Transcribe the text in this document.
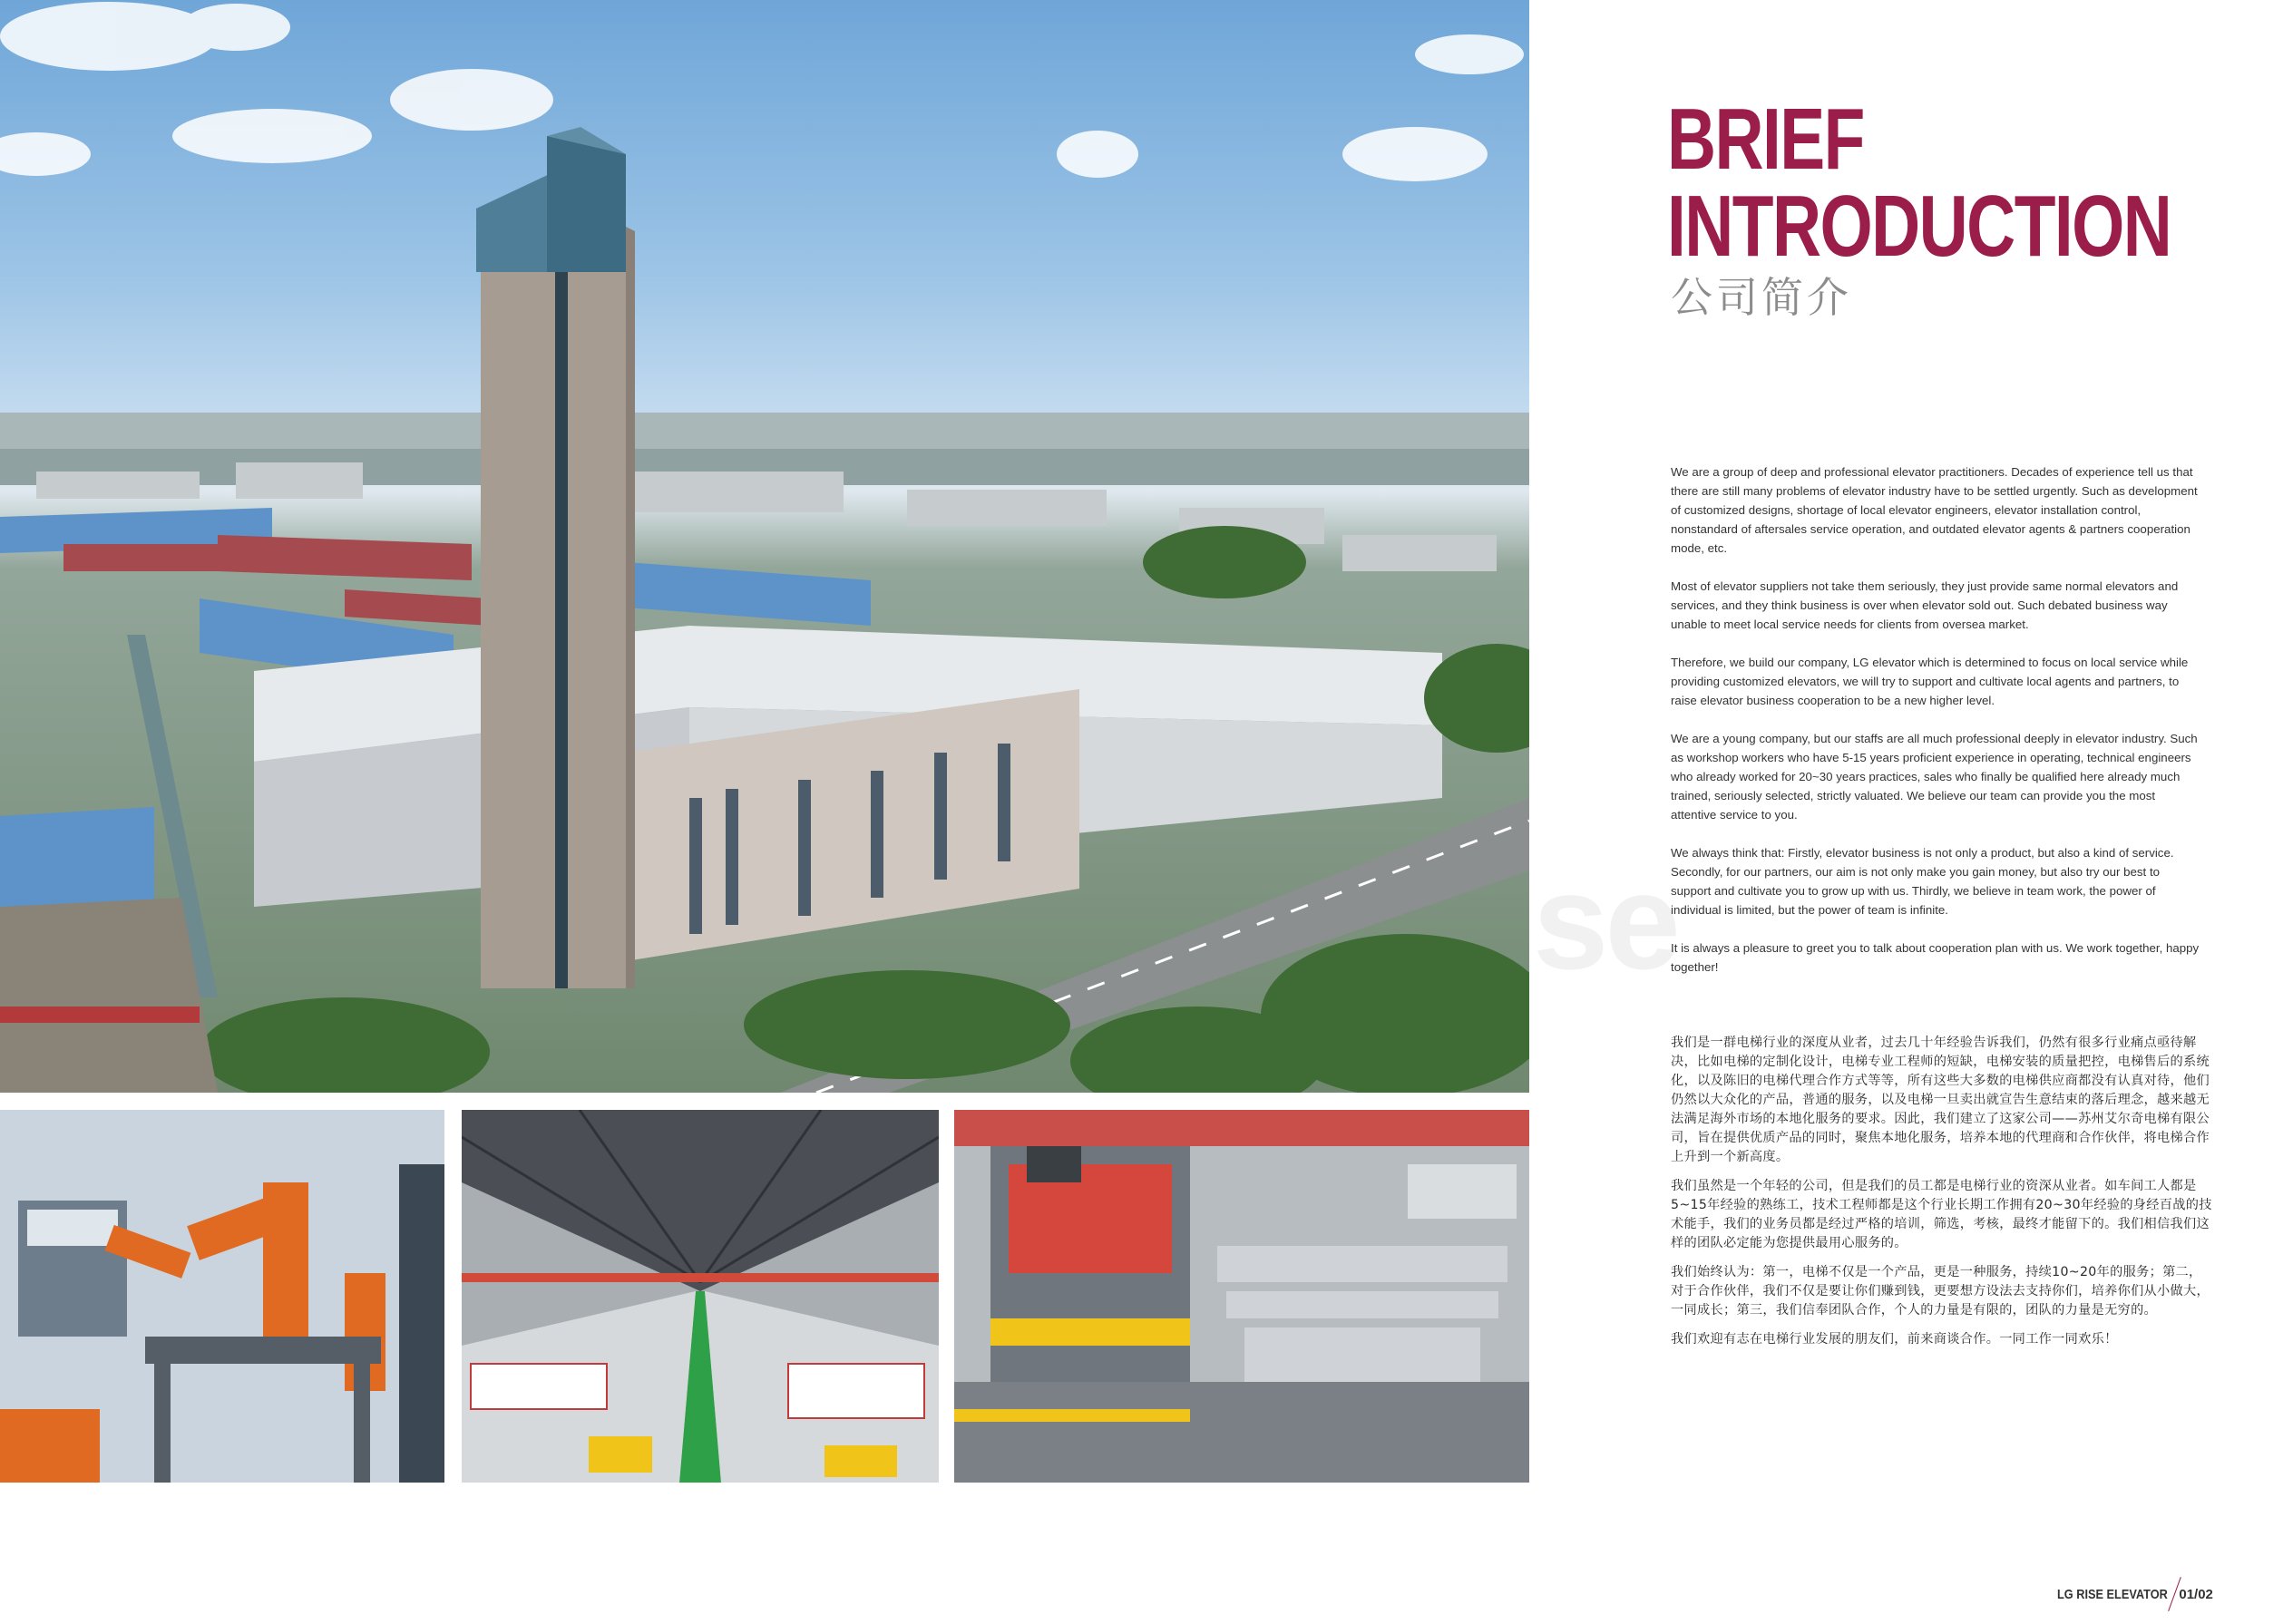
se
BRIEF
INTRODUCTION
公司简介

We are a group of deep and professional elevator practitioners. Decades of experience tell us that there are still many problems of elevator industry have to be settled urgently. Such as development of customized designs, shortage of local elevator engineers, elevator installation control, nonstandard of aftersales service operation, and outdated elevator agents & partners cooperation mode, etc.

Most of elevator suppliers not take them seriously, they just provide same normal elevators and services, and they think business is over when elevator sold out. Such debated business way unable to meet local service needs for clients from oversea market.

Therefore, we build our company, LG elevator which is determined to focus on local service while providing customized elevators, we will try to support and cultivate local agents and partners, to raise elevator business cooperation to be a new higher level.

We are a young company, but our staffs are all much professional deeply in elevator industry. Such as workshop workers who have 5-15 years proficient experience in operating, technical engineers who already worked for 20~30 years practices, sales who finally be qualified here already much trained, seriously selected, strictly valuated. We believe our team can provide you the most attentive service to you.

We always think that: Firstly, elevator business is not only a product, but also a kind of service. Secondly, for our partners, our aim is not only make you gain money, but also try our best to support and cultivate you to grow up with us. Thirdly, we believe in team work, the power of individual is limited, but the power of team is infinite.

It is always a pleasure to greet you to talk about cooperation plan with us. We work together, happy together!

我们是一群电梯行业的深度从业者，过去几十年经验告诉我们，仍然有很多行业痛点亟待解决，比如电梯的定制化设计，电梯专业工程师的短缺，电梯安装的质量把控，电梯售后的系统化，以及陈旧的电梯代理合作方式等等，所有这些大多数的电梯供应商都没有认真对待，他们仍然以大众化的产品，普通的服务，以及电梯一旦卖出就宣告生意结束的落后理念，越来越无法满足海外市场的本地化服务的要求。因此，我们建立了这家公司——苏州艾尔奇电梯有限公司，旨在提供优质产品的同时，聚焦本地化服务，培养本地的代理商和合作伙伴，将电梯合作上升到一个新高度。

我们虽然是一个年轻的公司，但是我们的员工都是电梯行业的资深从业者。如车间工人都是5~15年经验的熟练工，技术工程师都是这个行业长期工作拥有20~30年经验的身经百战的技术能手，我们的业务员都是经过严格的培训，筛选，考核，最终才能留下的。我们相信我们这样的团队必定能为您提供最用心服务的。

我们始终认为：第一，电梯不仅是一个产品，更是一种服务，持续10~20年的服务；第二，对于合作伙伴，我们不仅是要让你们赚到钱，更要想方设法去支持你们，培养你们从小做大，一同成长；第三，我们信奉团队合作，个人的力量是有限的，团队的力量是无穷的。

我们欢迎有志在电梯行业发展的朋友们，前来商谈合作。一同工作一同欢乐！

LG RISE ELEVATOR 01/02
